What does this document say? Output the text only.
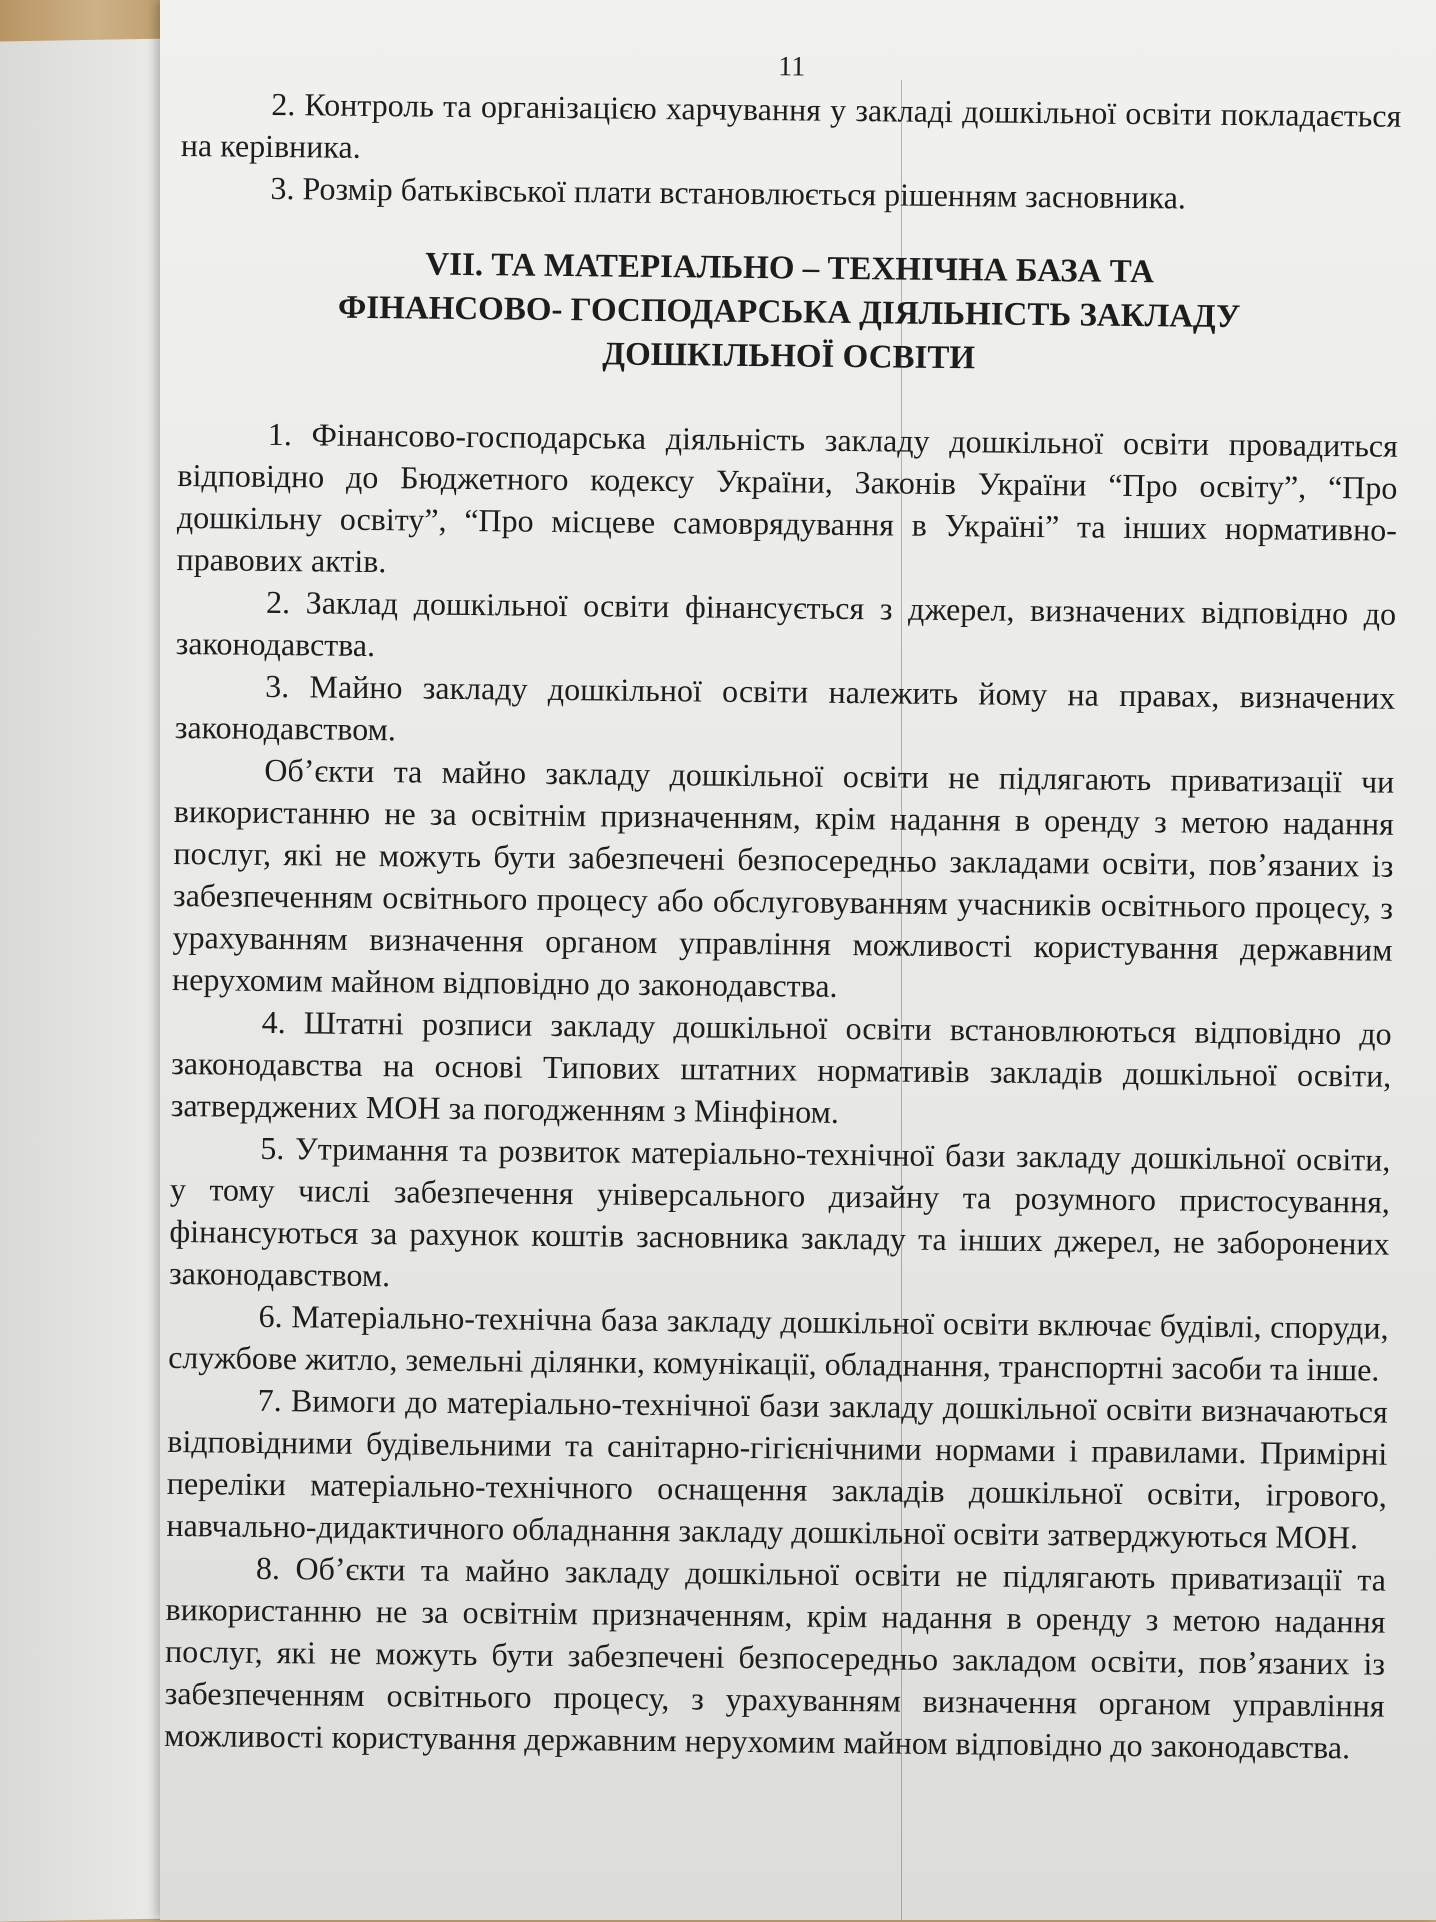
11

2. Контроль та організацією харчування у закладі дошкільної освіти покладається на керівника.

3. Розмір батьківської плати встановлюється рішенням засновника.

VII. ТА МАТЕРІАЛЬНО – ТЕХНІЧНА БАЗА ТА
ФІНАНСОВО- ГОСПОДАРСЬКА ДІЯЛЬНІСТЬ ЗАКЛАДУ
ДОШКІЛЬНОЇ ОСВІТИ

1. Фінансово-господарська діяльність закладу дошкільної освіти провадиться відповідно до Бюджетного кодексу України, Законів України “Про освіту”, “Про дошкільну освіту”, “Про місцеве самоврядування в Україні” та інших нормативно-правових актів.

2. Заклад дошкільної освіти фінансується з джерел, визначених відповідно до законодавства.

3. Майно закладу дошкільної освіти належить йому на правах, визначених законодавством.

Об’єкти та майно закладу дошкільної освіти не підлягають приватизації чи використанню не за освітнім призначенням, крім надання в оренду з метою надання послуг, які не можуть бути забезпечені безпосередньо закладами освіти, пов’язаних із забезпеченням освітнього процесу або обслуговуванням учасників освітнього процесу, з урахуванням визначення органом управління можливості користування державним нерухомим майном відповідно до законодавства.

4. Штатні розписи закладу дошкільної освіти встановлюються відповідно до законодавства на основі Типових штатних нормативів закладів дошкільної освіти, затверджених МОН за погодженням з Мінфіном.

5. Утримання та розвиток матеріально-технічної бази закладу дошкільної освіти, у тому числі забезпечення універсального дизайну та розумного пристосування, фінансуються за рахунок коштів засновника закладу та інших джерел, не заборонених законодавством.

6. Матеріально-технічна база закладу дошкільної освіти включає будівлі, споруди, службове житло, земельні ділянки, комунікації, обладнання, транспортні засоби та інше.

7. Вимоги до матеріально-технічної бази закладу дошкільної освіти визначаються відповідними будівельними та санітарно-гігієнічними нормами і правилами. Примірні переліки матеріально-технічного оснащення закладів дошкільної освіти, ігрового, навчально-дидактичного обладнання закладу дошкільної освіти затверджуються МОН.

8. Об’єкти та майно закладу дошкільної освіти не підлягають приватизації та використанню не за освітнім призначенням, крім надання в оренду з метою надання послуг, які не можуть бути забезпечені безпосередньо закладом освіти, пов’язаних із забезпеченням освітнього процесу, з урахуванням визначення органом управління можливості користування державним нерухомим майном відповідно до законодавства.
